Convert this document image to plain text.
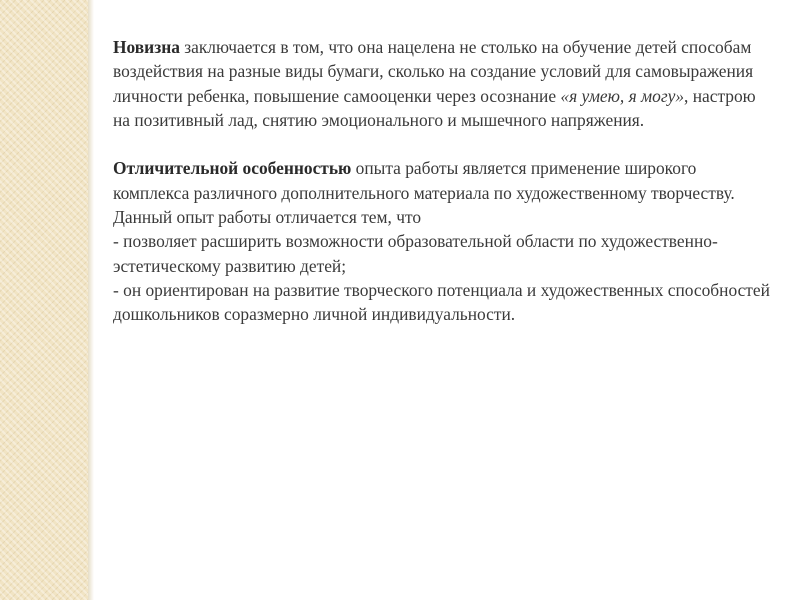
Новизна заключается в том, что она нацелена не столько на обучение детей способам воздействия на разные виды бумаги, сколько на создание условий для самовыражения личности ребенка, повышение самооценки через осознание «я умею, я могу», настрою на позитивный лад, снятию эмоционального и мышечного напряжения.

Отличительной особенностью опыта работы является применение широкого комплекса различного дополнительного материала по художественному творчеству.

Данный опыт работы отличается тем, что

- позволяет расширить возможности образовательной области по художественно-эстетическому развитию детей;

- он ориентирован на развитие творческого потенциала и художественных способностей дошкольников соразмерно личной индивидуальности.
